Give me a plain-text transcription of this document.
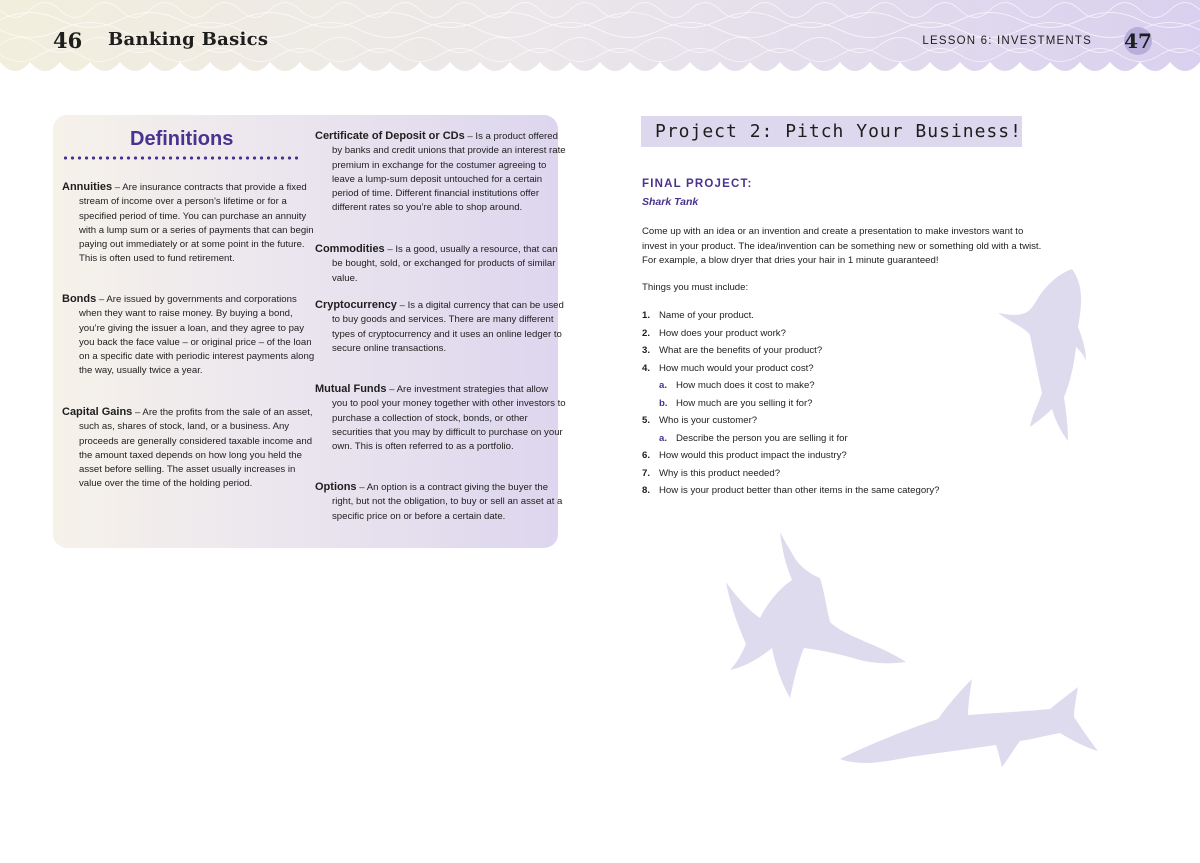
46 Banking Basics	LESSON 6: INVESTMENTS 47
Definitions
Annuities – Are insurance contracts that provide a fixed stream of income over a person’s lifetime or for a specified period of time. You can purchase an annuity with a lump sum or a series of payments that can begin paying out immediately or at some point in the future. This is often used to fund retirement.
Bonds – Are issued by governments and corporations when they want to raise money. By buying a bond, you’re giving the issuer a loan, and they agree to pay you back the face value – or original price – of the loan on a specific date with periodic interest payments along the way, usually twice a year.
Capital Gains – Are the profits from the sale of an asset, such as, shares of stock, land, or a business. Any proceeds are generally considered taxable income and the amount taxed depends on how long you held the asset before selling. The asset usually increases in value over the time of the holding period.
Certificate of Deposit or CDs – Is a product offered by banks and credit unions that provide an interest rate premium in exchange for the costumer agreeing to leave a lump-sum deposit untouched for a certain period of time. Different financial institutions offer different rates so you’re able to shop around.
Commodities – Is a good, usually a resource, that can be bought, sold, or exchanged for products of similar value.
Cryptocurrency – Is a digital currency that can be used to buy goods and services. There are many different types of cryptocurrency and it uses an online ledger to secure online transactions.
Mutual Funds – Are investment strategies that allow you to pool your money together with other investors to purchase a collection of stock, bonds, or other securities that you may by difficult to purchase on your own. This is often referred to as a portfolio.
Options – An option is a contract giving the buyer the right, but not the obligation, to buy or sell an asset at a specific price on or before a certain date.
Project 2: Pitch Your Business!
FINAL PROJECT:
Shark Tank
Come up with an idea or an invention and create a presentation to make investors want to invest in your product. The idea/invention can be something new or something old with a twist. For example, a blow dryer that dries your hair in 1 minute guaranteed!
Things you must include:
1. Name of your product.
2. How does your product work?
3. What are the benefits of your product?
4. How much would your product cost?
a. How much does it cost to make?
b. How much are you selling it for?
5. Who is your customer?
a. Describe the person you are selling it for
6. How would this product impact the industry?
7. Why is this product needed?
8. How is your product better than other items in the same category?
